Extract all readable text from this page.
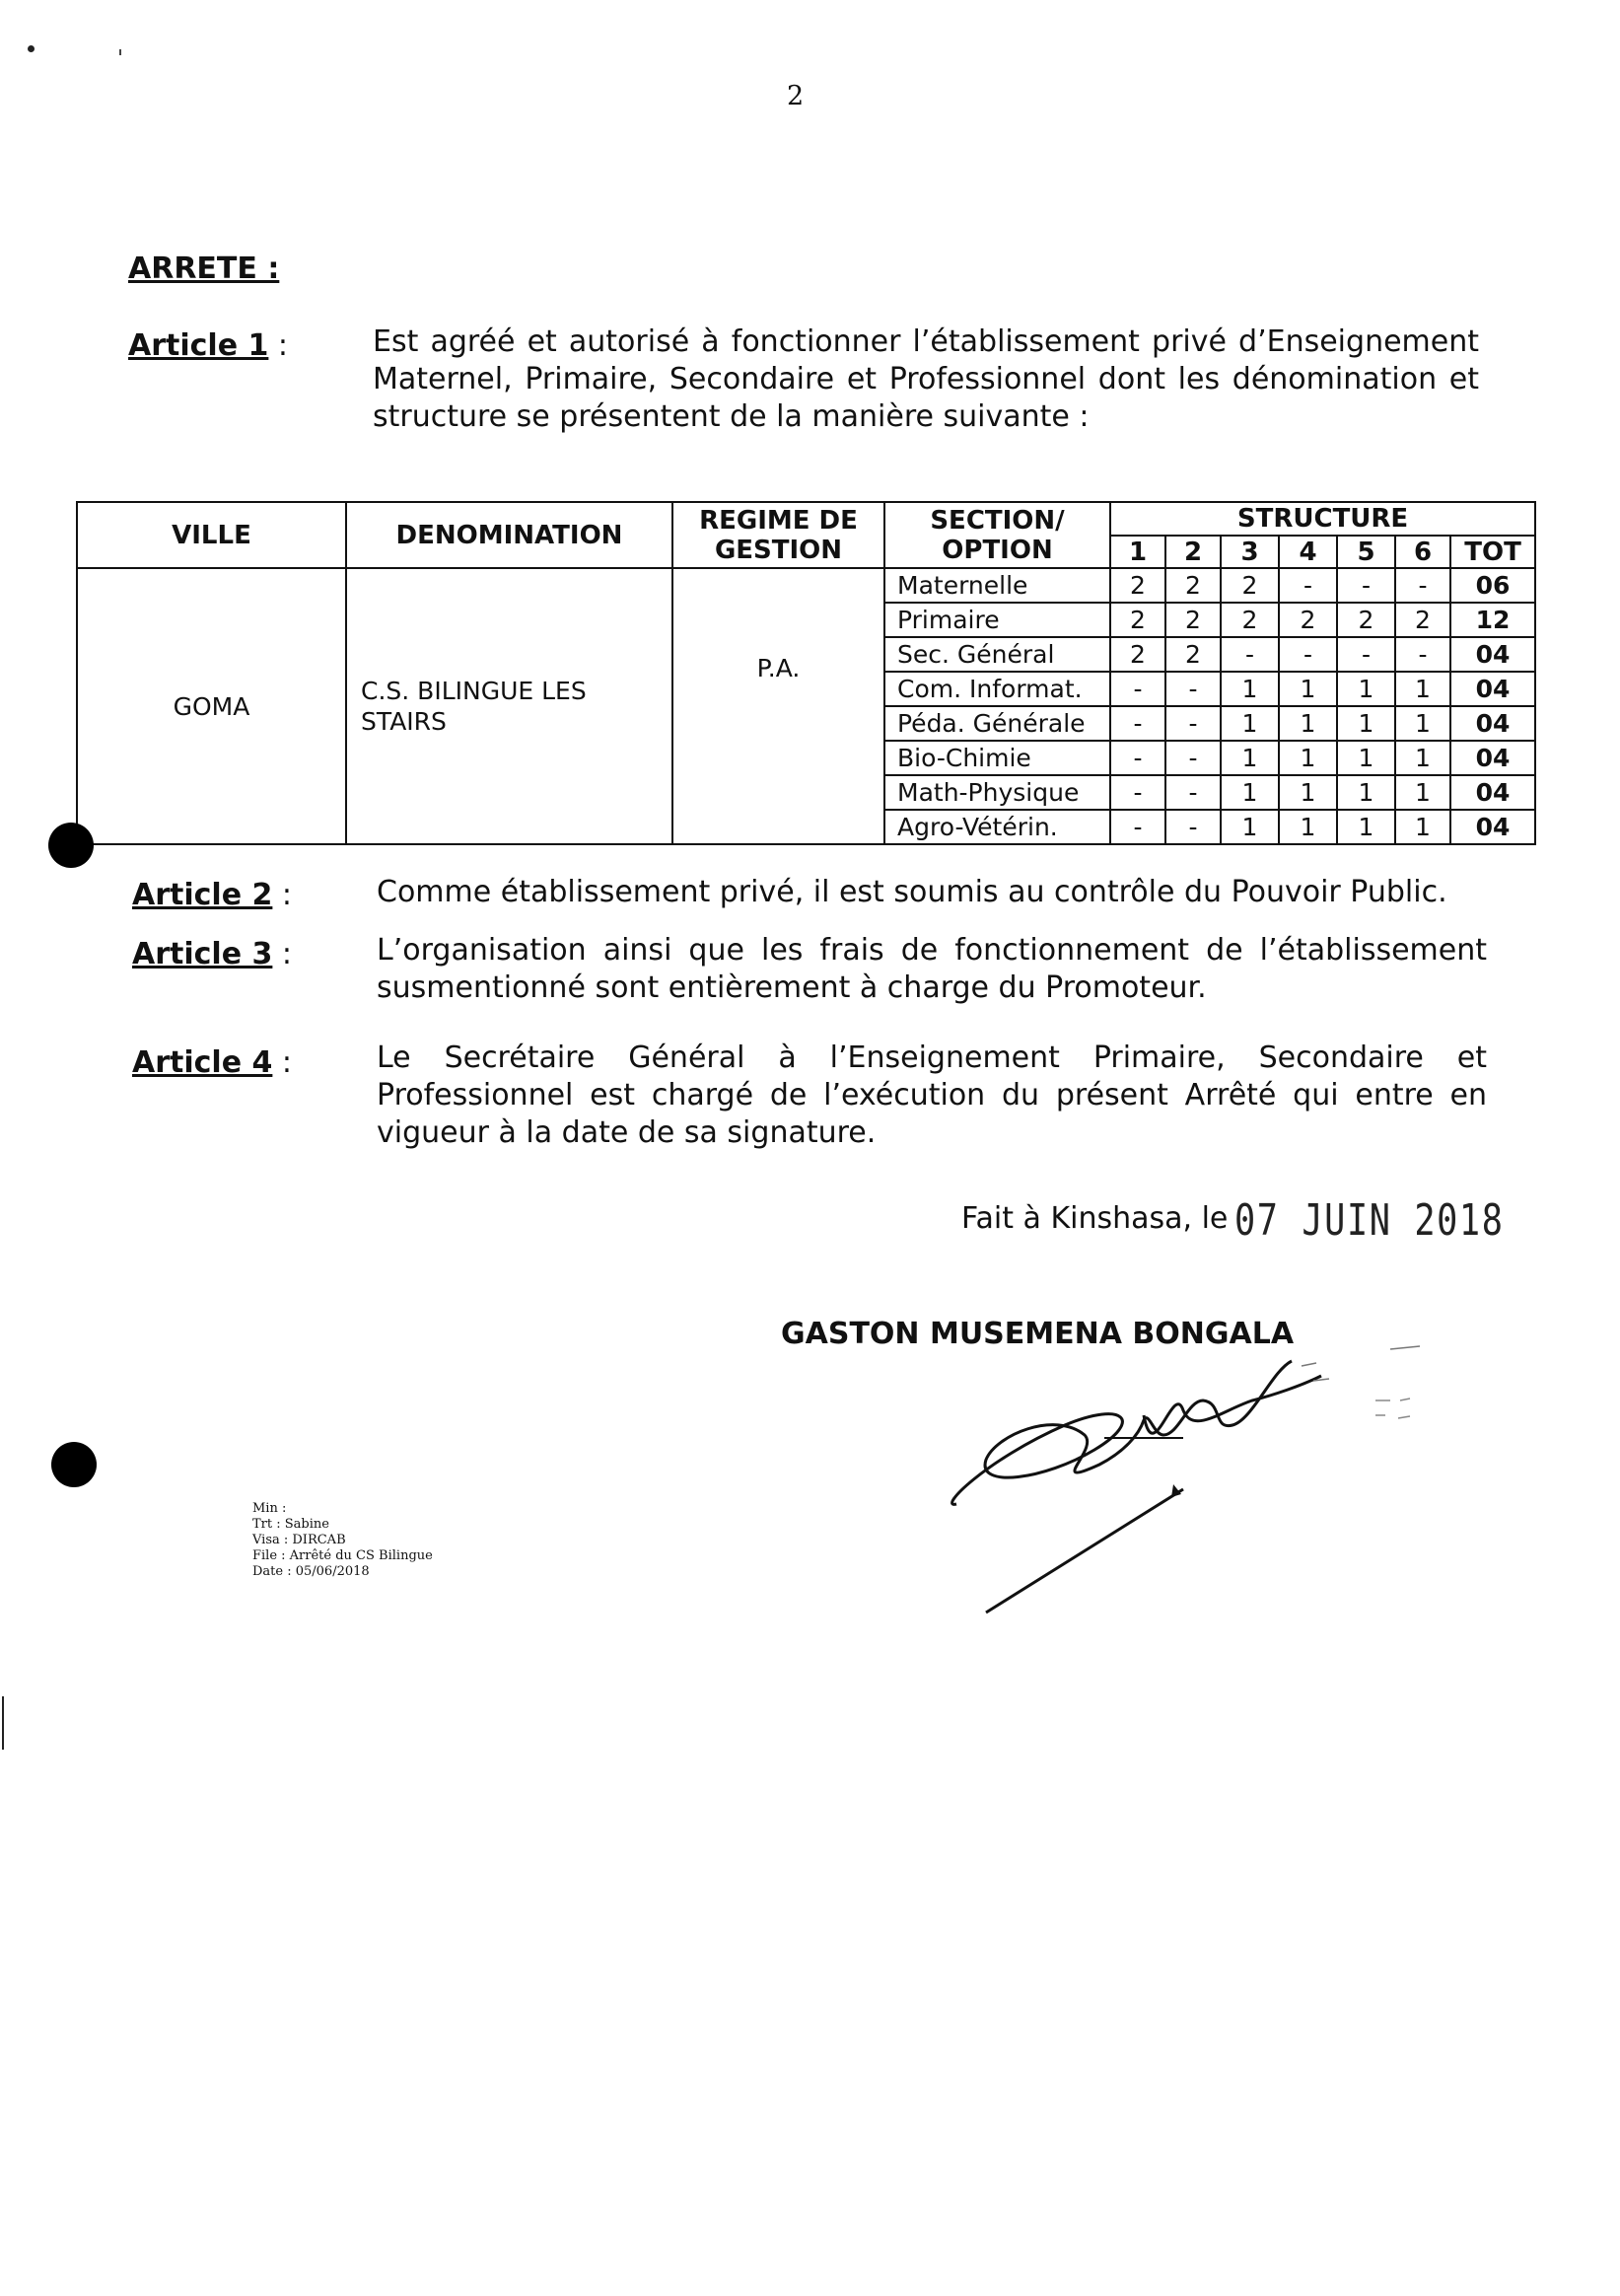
2
ARRETE :
Article 1 :	Est agréé et autorisé à fonctionner l’établissement privé d’Enseignement Maternel, Primaire, Secondaire et Professionnel dont les dénomination et structure se présentent de la manière suivante :
VILLE	DENOMINATION	REGIME DE GESTION	SECTION/ OPTION	STRUCTURE						
				1	2	3	4	5	6	TOT
GOMA	C.S. BILINGUE LES STAIRS	P.A.	Maternelle	2	2	2	-	-	-	06
			Primaire	2	2	2	2	2	2	12
			Sec. Général	2	2	-	-	-	-	04
			Com. Informat.	-	-	1	1	1	1	04
			Péda. Générale	-	-	1	1	1	1	04
			Bio-Chimie	-	-	1	1	1	1	04
			Math-Physique	-	-	1	1	1	1	04
			Agro-Vétérin.	-	-	1	1	1	1	04
Article 2 :	Comme établissement privé, il est soumis au contrôle du Pouvoir Public.
Article 3 :	L’organisation ainsi que les frais de fonctionnement de l’établissement susmentionné sont entièrement à charge du Promoteur.
Article 4 :	Le Secrétaire Général à l’Enseignement Primaire, Secondaire et Professionnel est chargé de l’exécution du présent Arrêté qui entre en vigueur à la date de sa signature.
Fait à Kinshasa, le 07 JUIN 2018
GASTON MUSEMENA BONGALA
Min :
Trt : Sabine
Visa : DIRCAB
File : Arrêté du CS Bilingue
Date : 05/06/2018
